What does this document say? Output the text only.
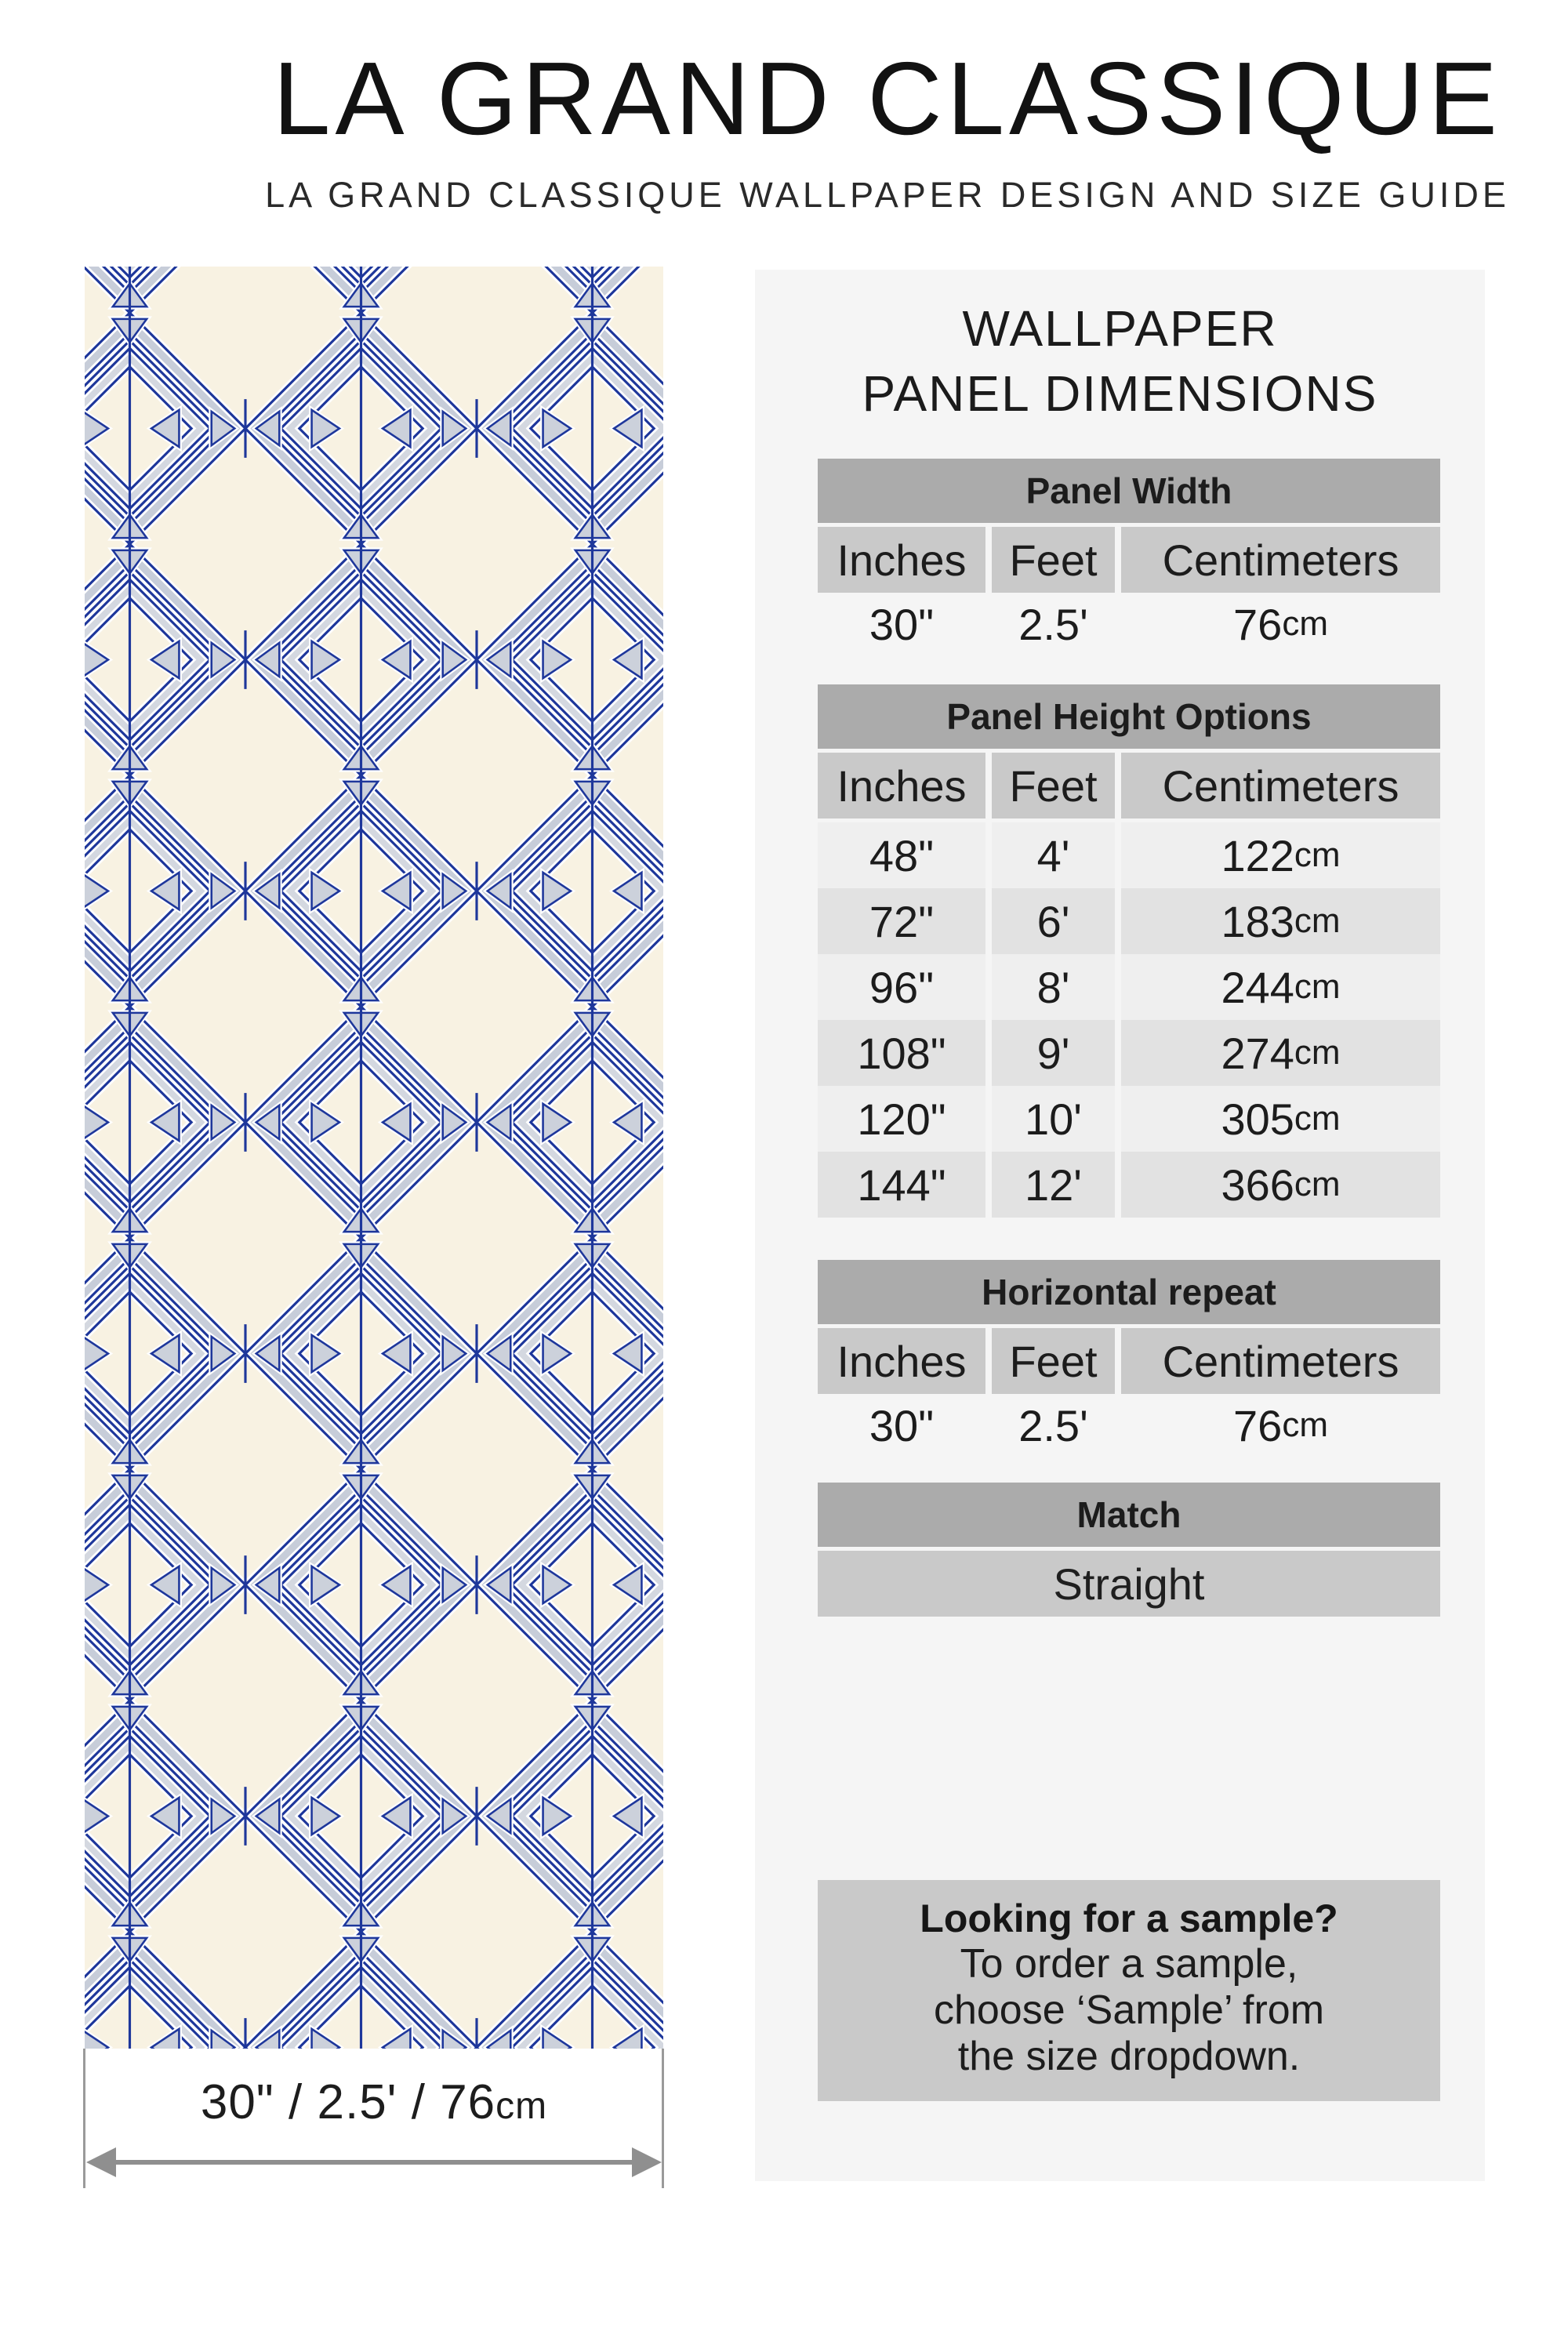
LA GRAND CLASSIQUE
LA GRAND CLASSIQUE WALLPAPER DESIGN AND SIZE GUIDE
30" / 2.5' / 76cm
WALLPAPER
PANEL DIMENSIONS
Panel Width
Inches Feet	Centimeters
30"	2.5'	76 cm
Panel Height Options
Inches Feet	Centimeters
48"	4'	122 cm
72"	6'	183 cm
96"	8'	244 cm
108"	9'	274 cm
120"	10'	305 cm
144"	12'	366 cm
Horizontal repeat
Inches Feet	Centimeters
30"	2.5'	76 cm
Match
Straight
Looking for a sample?
To order a sample,
choose ‘Sample’ from
the size dropdown.
